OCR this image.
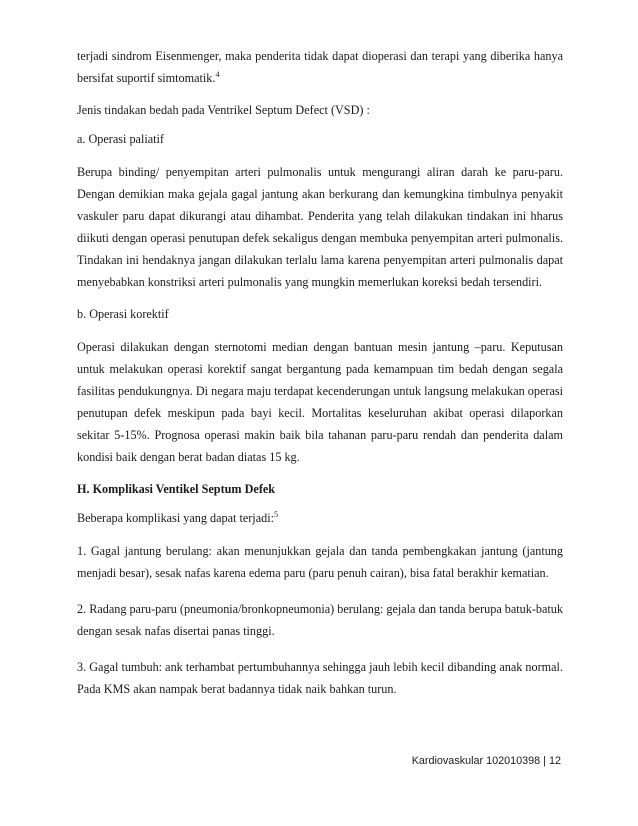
terjadi sindrom Eisenmenger, maka penderita tidak dapat dioperasi dan terapi yang diberika hanya bersifat suportif simtomatik.$^4$

Jenis tindakan bedah pada Ventrikel Septum Defect (VSD) :

a. Operasi paliatif

Berupa binding/ penyempitan arteri pulmonalis untuk mengurangi aliran darah ke paru-paru. Dengan demikian maka gejala gagal jantung akan berkurang dan kemungkina timbulnya penyakit vaskuler paru dapat dikurangi atau dihambat. Penderita yang telah dilakukan tindakan ini hharus diikuti dengan operasi penutupan defek sekaligus dengan membuka penyempitan arteri pulmonalis. Tindakan ini hendaknya jangan dilakukan terlalu lama karena penyempitan arteri pulmonalis dapat menyebabkan konstriksi arteri pulmonalis yang mungkin memerlukan koreksi bedah tersendiri.

b. Operasi korektif

Operasi dilakukan dengan sternotomi median dengan bantuan mesin jantung –paru. Keputusan untuk melakukan operasi korektif sangat bergantung pada kemampuan tim bedah dengan segala fasilitas pendukungnya. Di negara maju terdapat kecenderungan untuk langsung melakukan operasi penutupan defek meskipun pada bayi kecil. Mortalitas keseluruhan akibat operasi dilaporkan sekitar 5-15%. Prognosa operasi makin baik bila tahanan paru-paru rendah dan penderita dalam kondisi baik dengan berat badan diatas 15 kg.

H. Komplikasi Ventikel Septum Defek

Beberapa komplikasi yang dapat terjadi:$^5$

1. Gagal jantung berulang: akan menunjukkan gejala dan tanda pembengkakan jantung (jantung menjadi besar), sesak nafas karena edema paru (paru penuh cairan), bisa fatal berakhir kematian.

2. Radang paru-paru (pneumonia/bronkopneumonia) berulang: gejala dan tanda berupa batuk-batuk dengan sesak nafas disertai panas tinggi.

3. Gagal tumbuh: ank terhambat pertumbuhannya sehingga jauh lebih kecil dibanding anak normal. Pada KMS akan nampak berat badannya tidak naik bahkan turun.

Kardiovaskular 102010398 | 12
